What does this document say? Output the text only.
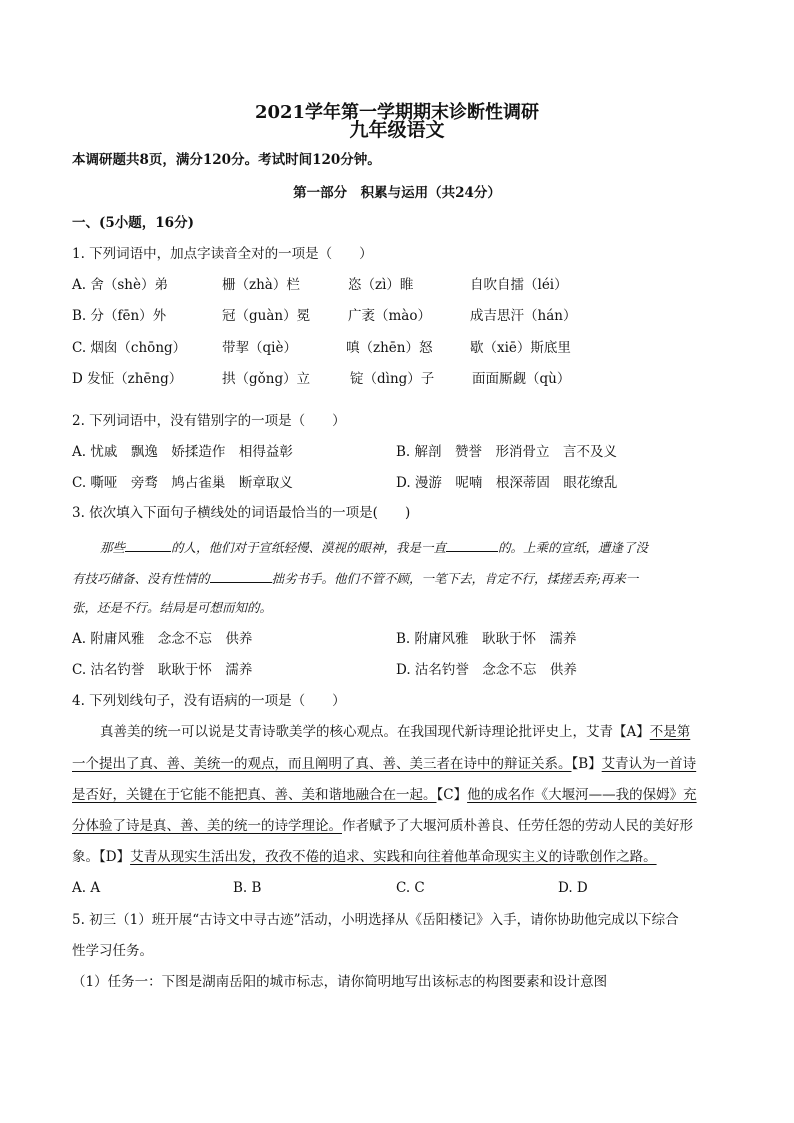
2021学年第一学期期末诊断性调研
九年级语文
本调研题共8页，满分120分。考试时间120分钟。
第一部分　积累与运用（共24分）
一、(5小题，16分)
1. 下列词语中，加点字读音全对的一项是（　　）
A. 舍（shè）弟	栅（zhà）栏	恣（zì）睢	自吹自擂（léi）
B. 分（fēn）外	冠（guàn）冕	广袤（mào）	成吉思汗（hán）
C. 烟囱（chōng）	带挈（qiè）	嗔（zhēn）怒	歇（xiē）斯底里
D 发怔（zhēng）	拱（gǒng）立	锭（dìng）子	面面厮觑（qù）
2. 下列词语中，没有错别字的一项是（　　）
A. 忧戚　飘逸　娇揉造作　相得益彰	B. 解剖　赞誉　形消骨立　言不及义
C. 嘶哑　旁骛　鸠占雀巢　断章取义	D. 漫游　呢喃　根深蒂固　眼花缭乱
3. 依次填入下面句子横线处的词语最恰当的一项是(　　)
那些	的人，他们对于宣纸轻慢、漠视的眼神，我是一直	的。上乘的宣纸，遭逢了没
有技巧储备、没有性情的	拙劣书手。他们不管不顾，一笔下去，肯定不行，揉搓丢弃;再来一
张，还是不行。结局是可想而知的。
A. 附庸风雅　念念不忘　供养	B. 附庸风雅　耿耿于怀　濡养
C. 沽名钓誉　耿耿于怀　濡养	D. 沽名钓誉　念念不忘　供养
4. 下列划线句子，没有语病的一项是（　　）
真善美的统一可以说是艾青诗歌美学的核心观点。在我国现代新诗理论批评史上，艾青【A】不是第
一个提出了真、善、美统一的观点，而且阐明了真、善、美三者在诗中的辩证关系。【B】艾青认为一首诗
是否好，关键在于它能不能把真、善、美和谐地融合在一起。【C】他的成名作《大堰河——我的保姆》充
分体验了诗是真、善、美的统一的诗学理论。作者赋予了大堰河质朴善良、任劳任怨的劳动人民的美好形
象。【D】艾青从现实生活出发，孜孜不倦的追求、实践和向往着他革命现实主义的诗歌创作之路。
A. A	B. B	C. C	D. D
5. 初三（1）班开展“古诗文中寻古迹”活动，小明选择从《岳阳楼记》入手，请你协助他完成以下综合
性学习任务。
（1）任务一：下图是湖南岳阳的城市标志，请你简明地写出该标志的构图要素和设计意图
